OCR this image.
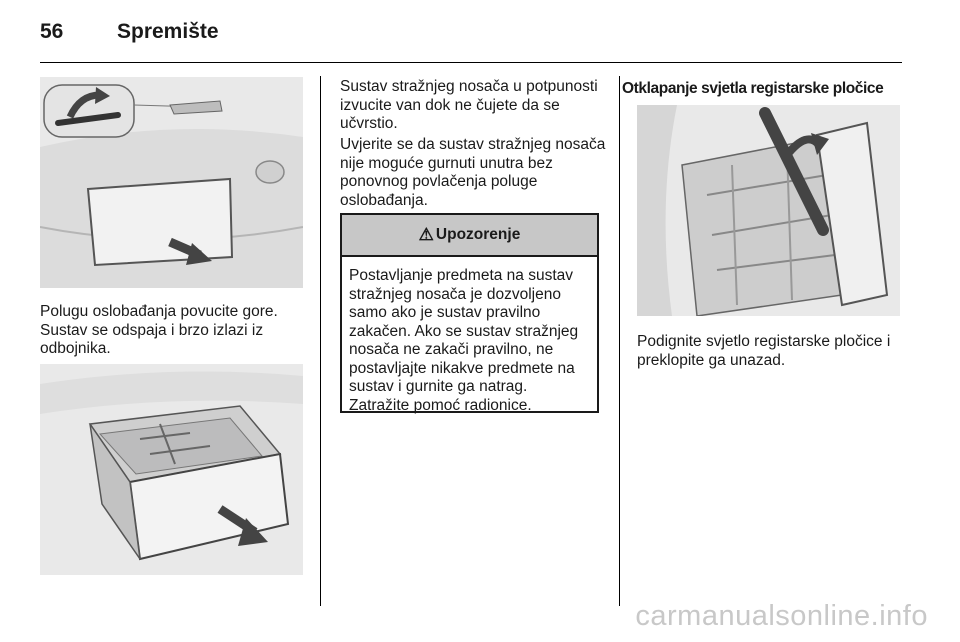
56	Spremište

Polugu oslobađanja povucite gore. Sustav se odspaja i brzo izlazi iz odbojnika.

Sustav stražnjeg nosača u potpunosti izvucite van dok ne čujete da se učvrstio.

Uvjerite se da sustav stražnjeg nosača nije moguće gurnuti unutra bez ponovnog povlačenja poluge oslobađanja.

⚠ Upozorenje

Postavljanje predmeta na sustav stražnjeg nosača je dozvoljeno samo ako je sustav pravilno zakačen. Ako se sustav stražnjeg nosača ne zakači pravilno, ne postavljajte nikakve predmete na sustav i gurnite ga natrag. Zatražite pomoć radionice.

Otklapanje svjetla registarske pločice

Podignite svjetlo registarske pločice i preklopite ga unazad.

carmanualsonline.info
